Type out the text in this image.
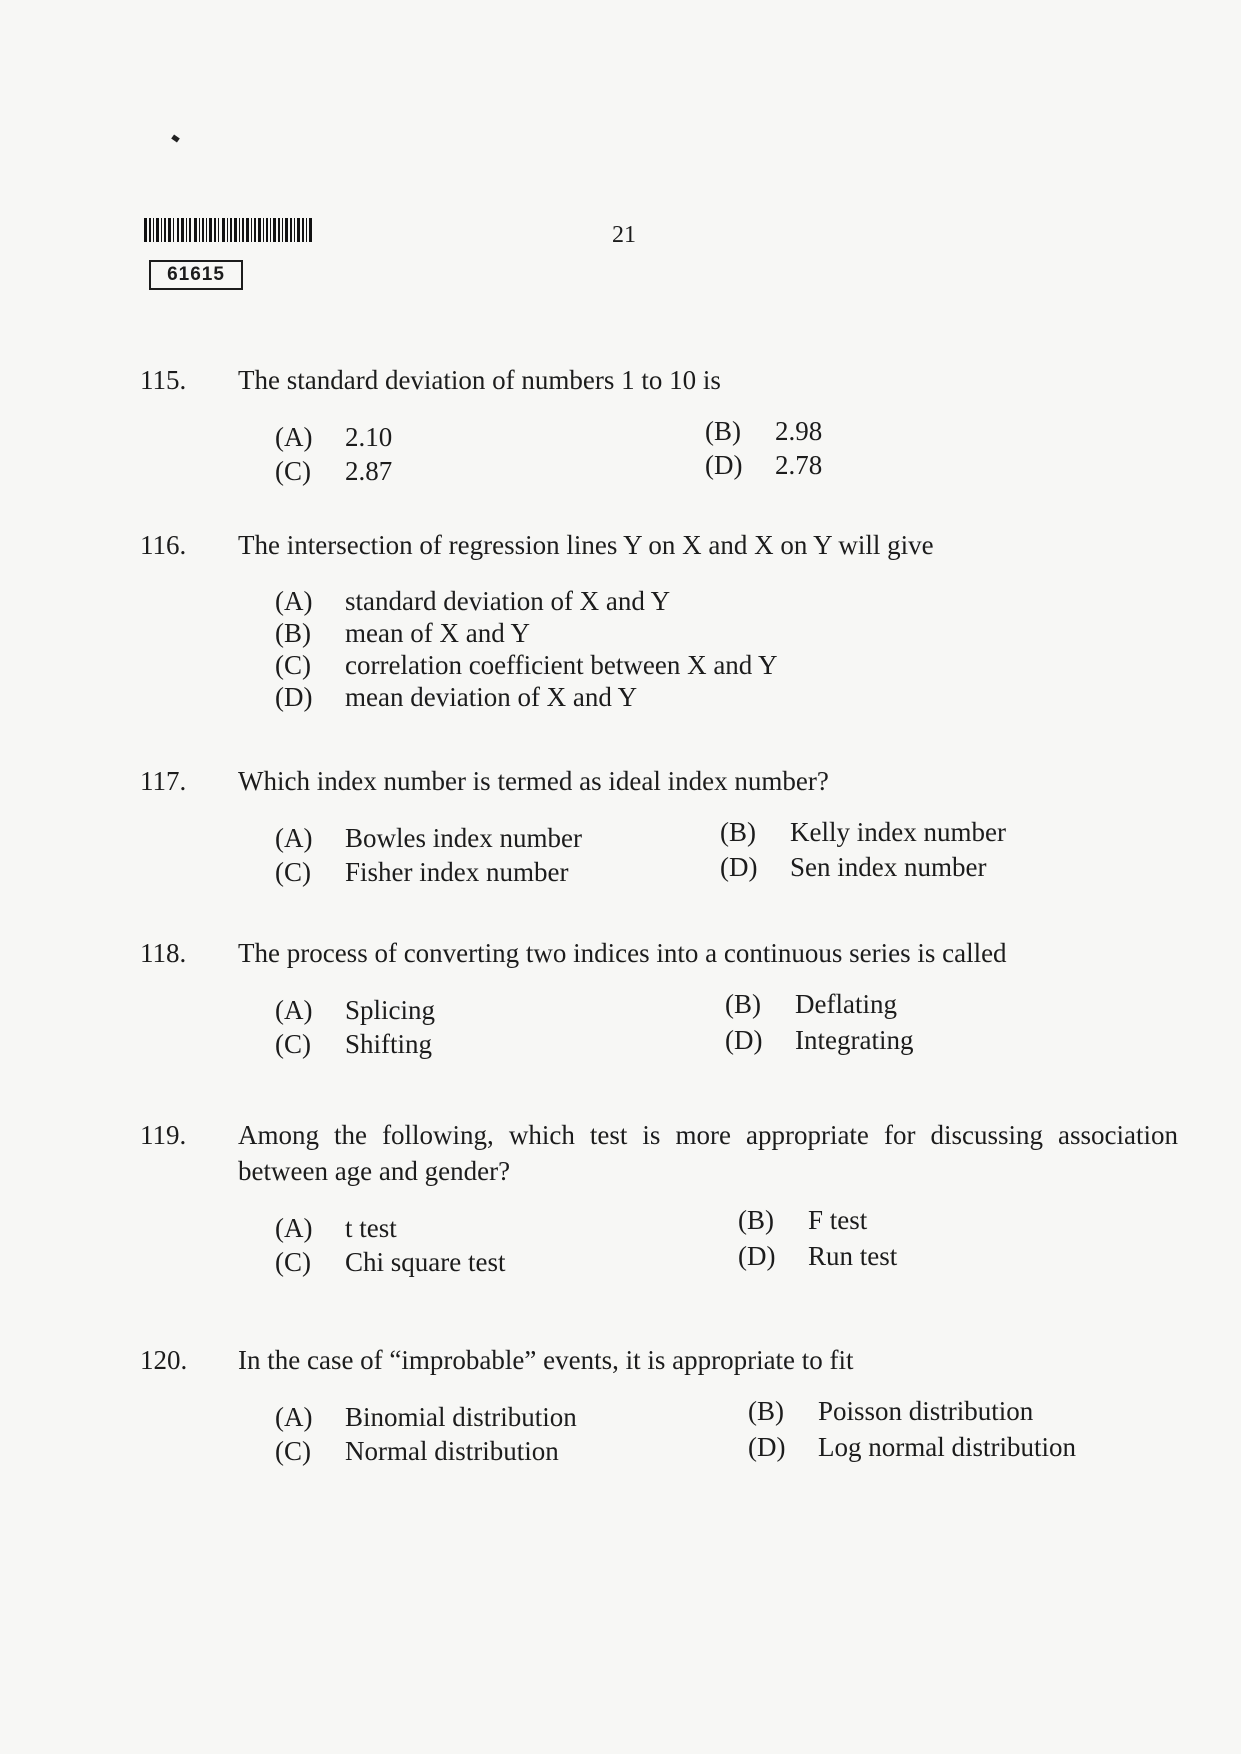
61615
21
115. The standard deviation of numbers 1 to 10 is
(A) 2.10	(B) 2.98
(C) 2.87	(D) 2.78
116. The intersection of regression lines Y on X and X on Y will give
(A) standard deviation of X and Y
(B) mean of X and Y
(C) correlation coefficient between X and Y
(D) mean deviation of X and Y
117. Which index number is termed as ideal index number?
(A) Bowles index number	(B) Kelly index number
(C) Fisher index number	(D) Sen index number
118. The process of converting two indices into a continuous series is called
(A) Splicing	(B) Deflating
(C) Shifting	(D) Integrating
119. Among the following, which test is more appropriate for discussing association between age and gender?
(A) t test	(B) F test
(C) Chi square test	(D) Run test
120. In the case of “improbable” events, it is appropriate to fit
(A) Binomial distribution	(B) Poisson distribution
(C) Normal distribution	(D) Log normal distribution
